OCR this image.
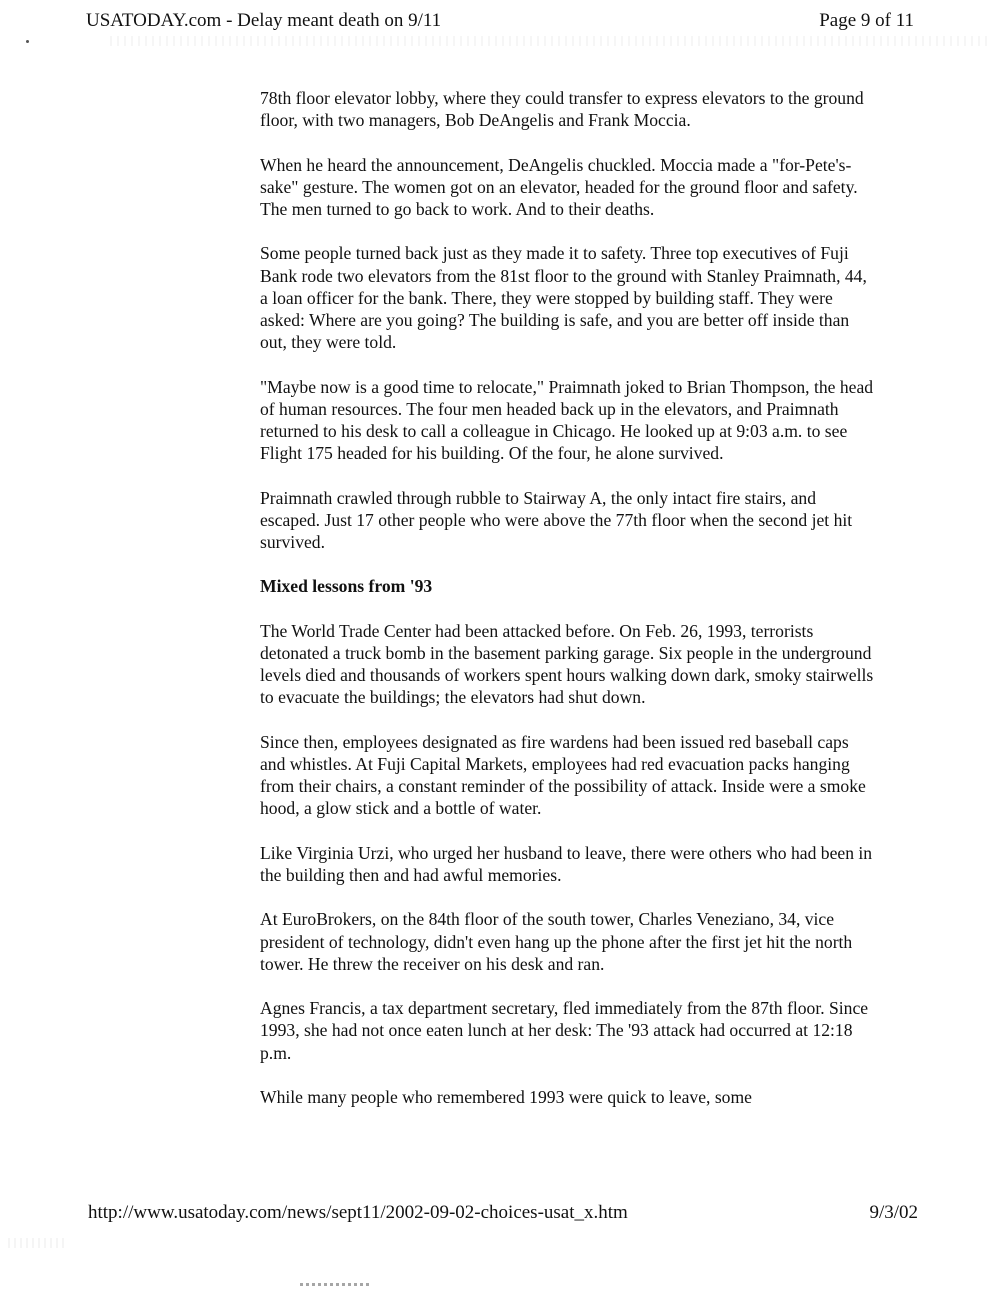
USATODAY.com - Delay meant death on 9/11	Page 9 of 11

78th floor elevator lobby, where they could transfer to express elevators to the ground floor, with two managers, Bob DeAngelis and Frank Moccia.

When he heard the announcement, DeAngelis chuckled. Moccia made a "for-Pete's-sake" gesture. The women got on an elevator, headed for the ground floor and safety. The men turned to go back to work. And to their deaths.

Some people turned back just as they made it to safety. Three top executives of Fuji Bank rode two elevators from the 81st floor to the ground with Stanley Praimnath, 44, a loan officer for the bank. There, they were stopped by building staff. They were asked: Where are you going? The building is safe, and you are better off inside than out, they were told.

"Maybe now is a good time to relocate," Praimnath joked to Brian Thompson, the head of human resources. The four men headed back up in the elevators, and Praimnath returned to his desk to call a colleague in Chicago. He looked up at 9:03 a.m. to see Flight 175 headed for his building. Of the four, he alone survived.

Praimnath crawled through rubble to Stairway A, the only intact fire stairs, and escaped. Just 17 other people who were above the 77th floor when the second jet hit survived.

Mixed lessons from '93

The World Trade Center had been attacked before. On Feb. 26, 1993, terrorists detonated a truck bomb in the basement parking garage. Six people in the underground levels died and thousands of workers spent hours walking down dark, smoky stairwells to evacuate the buildings; the elevators had shut down.

Since then, employees designated as fire wardens had been issued red baseball caps and whistles. At Fuji Capital Markets, employees had red evacuation packs hanging from their chairs, a constant reminder of the possibility of attack. Inside were a smoke hood, a glow stick and a bottle of water.

Like Virginia Urzi, who urged her husband to leave, there were others who had been in the building then and had awful memories.

At EuroBrokers, on the 84th floor of the south tower, Charles Veneziano, 34, vice president of technology, didn't even hang up the phone after the first jet hit the north tower. He threw the receiver on his desk and ran.

Agnes Francis, a tax department secretary, fled immediately from the 87th floor. Since 1993, she had not once eaten lunch at her desk: The '93 attack had occurred at 12:18 p.m.

While many people who remembered 1993 were quick to leave, some

http://www.usatoday.com/news/sept11/2002-09-02-choices-usat_x.htm	9/3/02
